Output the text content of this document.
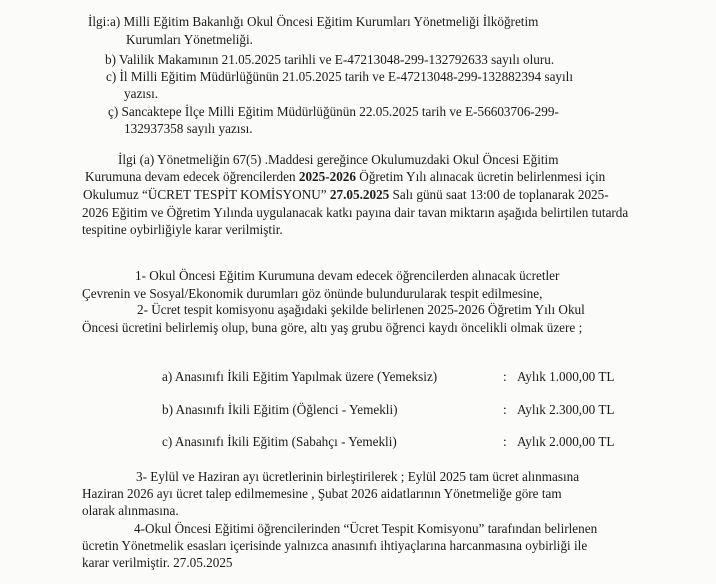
İlgi:a) Milli Eğitim Bakanlığı Okul Öncesi Eğitim Kurumları Yönetmeliği İlköğretim
Kurumları Yönetmeliği.
b) Valilik Makamının 21.05.2025 tarihli ve E-47213048-299-132792633 sayılı oluru.
c) İl Milli Eğitim Müdürlüğünün 21.05.2025 tarih ve E-47213048-299-132882394 sayılı
yazısı.
ç) Sancaktepe İlçe Milli Eğitim Müdürlüğünün 22.05.2025 tarih ve E-56603706-299-
132937358 sayılı yazısı.
İlgi (a) Yönetmeliğin 67(5) .Maddesi gereğince Okulumuzdaki Okul Öncesi Eğitim
Kurumuna devam edecek öğrencilerden 2025-2026 Öğretim Yılı alınacak ücretin belirlenmesi için
Okulumuz “ÜCRET TESPİT KOMİSYONU” 27.05.2025 Salı günü saat 13:00 de toplanarak 2025-
2026 Eğitim ve Öğretim Yılında uygulanacak katkı payına dair tavan miktarın aşağıda belirtilen tutarda
tespitine oybirliğiyle karar verilmiştir.
1- Okul Öncesi Eğitim Kurumuna devam edecek öğrencilerden alınacak ücretler
Çevrenin ve Sosyal/Ekonomik durumları göz önünde bulundurularak tespit edilmesine,
2- Ücret tespit komisyonu aşağıdaki şekilde belirlenen 2025-2026 Öğretim Yılı Okul
Öncesi ücretini belirlemiş olup, buna göre, altı yaş grubu öğrenci kaydı öncelikli olmak üzere ;
a) Anasınıfı İkili Eğitim Yapılmak üzere (Yemeksiz)	: Aylık 1.000,00 TL
b) Anasınıfı İkili Eğitim (Öğlenci - Yemekli)	: Aylık 2.300,00 TL
c) Anasınıfı İkili Eğitim (Sabahçı - Yemekli)	: Aylık 2.000,00 TL
3- Eylül ve Haziran ayı ücretlerinin birleştirilerek ; Eylül 2025 tam ücret alınmasına
Haziran 2026 ayı ücret talep edilmemesine , Şubat 2026 aidatlarının Yönetmeliğe göre tam
olarak alınmasına.
4-Okul Öncesi Eğitimi öğrencilerinden “Ücret Tespit Komisyonu” tarafından belirlenen
ücretin Yönetmelik esasları içerisinde yalnızca anasınıfı ihtiyaçlarına harcanmasına oybirliği ile
karar verilmiştir. 27.05.2025
